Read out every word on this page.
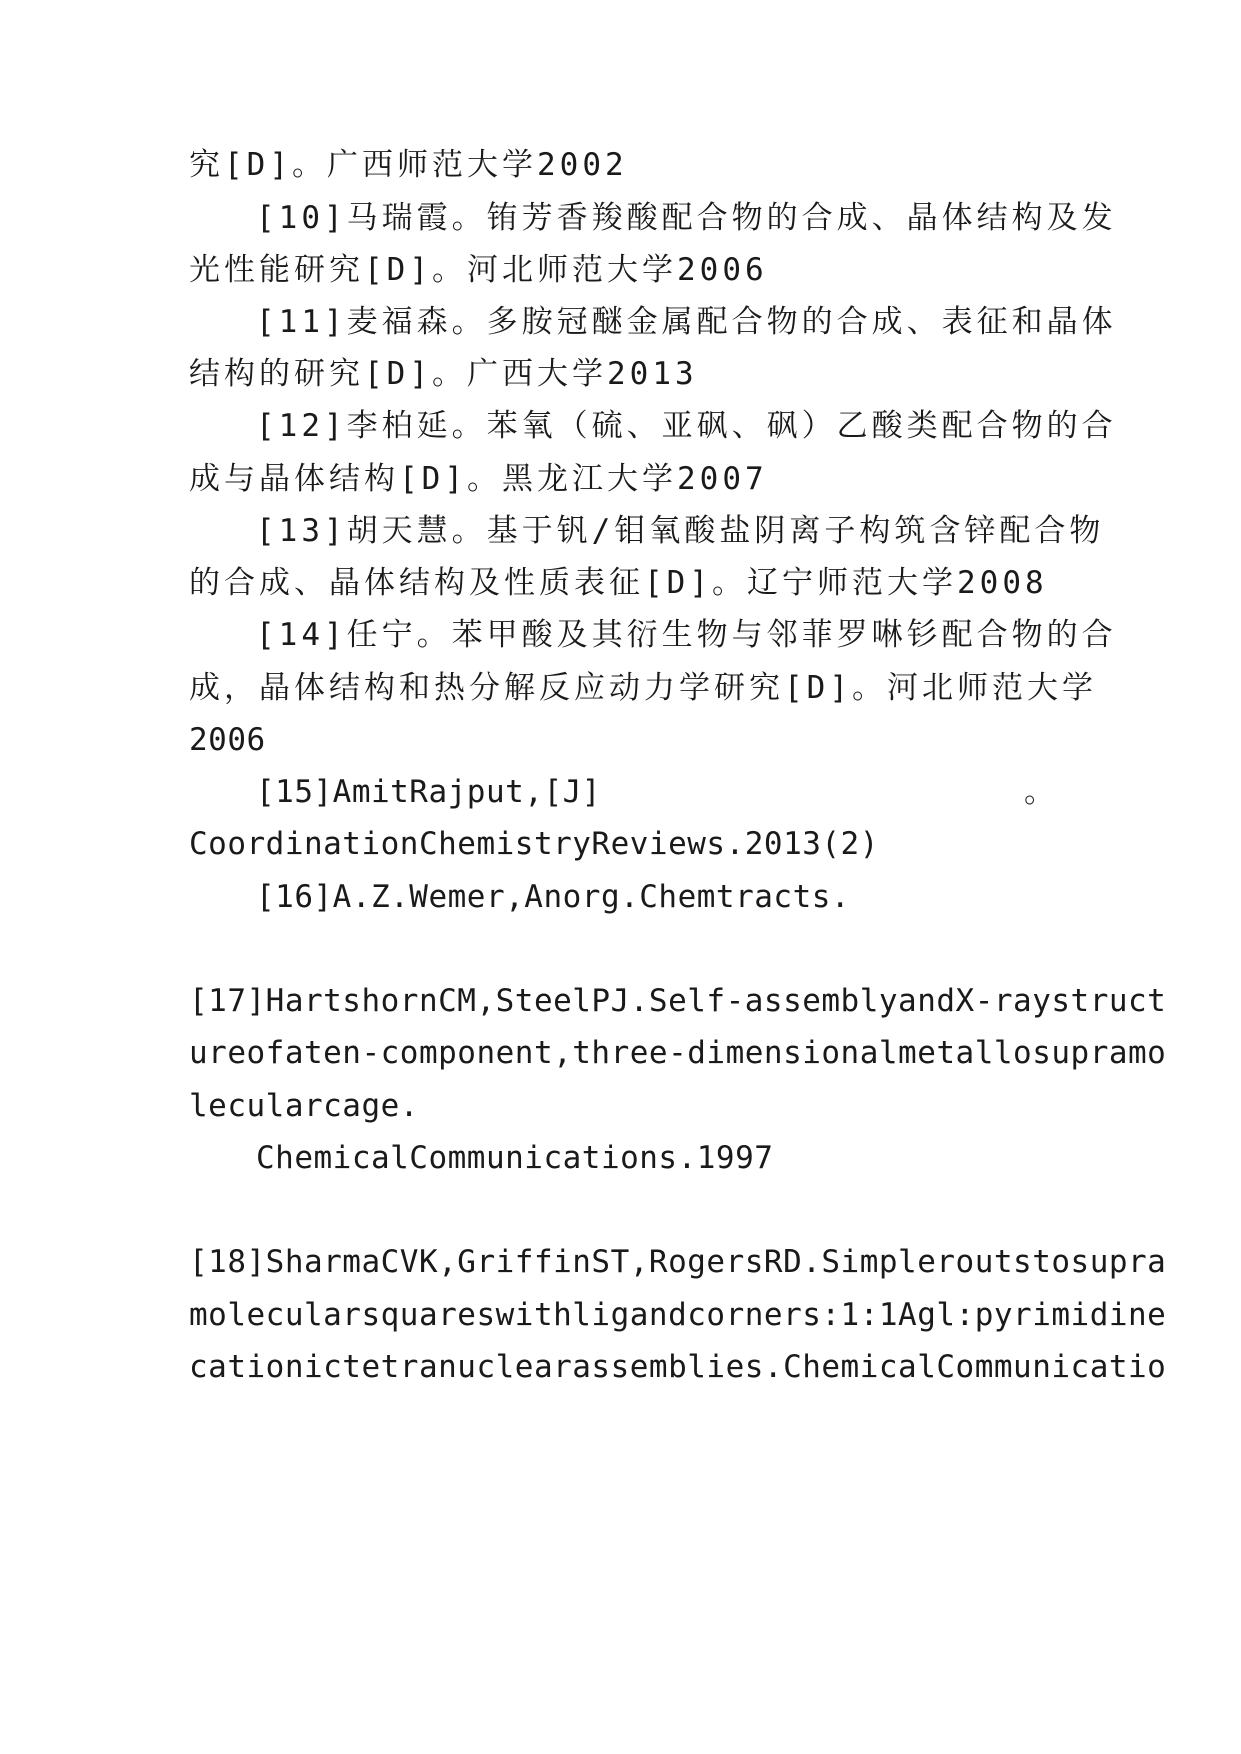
究[D]。广西师范大学2002
[10]马瑞霞。铕芳香羧酸配合物的合成、晶体结构及发
光性能研究[D]。河北师范大学2006
[11]麦福森。多胺冠醚金属配合物的合成、表征和晶体
结构的研究[D]。广西大学2013
[12]李柏延。苯氧（硫、亚砜、砜）乙酸类配合物的合
成与晶体结构[D]。黑龙江大学2007
[13]胡天慧。基于钒/钼氧酸盐阴离子构筑含锌配合物
的合成、晶体结构及性质表征[D]。辽宁师范大学2008
[14]任宁。苯甲酸及其衍生物与邻菲罗啉钐配合物的合
成，晶体结构和热分解反应动力学研究[D]。河北师范大学
2006
[15]AmitRajput,[J]	。
CoordinationChemistryReviews.2013(2)
[16]A.Z.Wemer,Anorg.Chemtracts.
[17]HartshornCM,SteelPJ.Self-assemblyandX-raystruct
ureofaten-component,three-dimensionalmetallosupramo
lecularcage.
ChemicalCommunications.1997
[18]SharmaCVK,GriffinST,RogersRD.Simpleroutstosupra
molecularsquareswithligandcorners:1:1Agl:pyrimidine
cationictetranuclearassemblies.ChemicalCommunicatio
